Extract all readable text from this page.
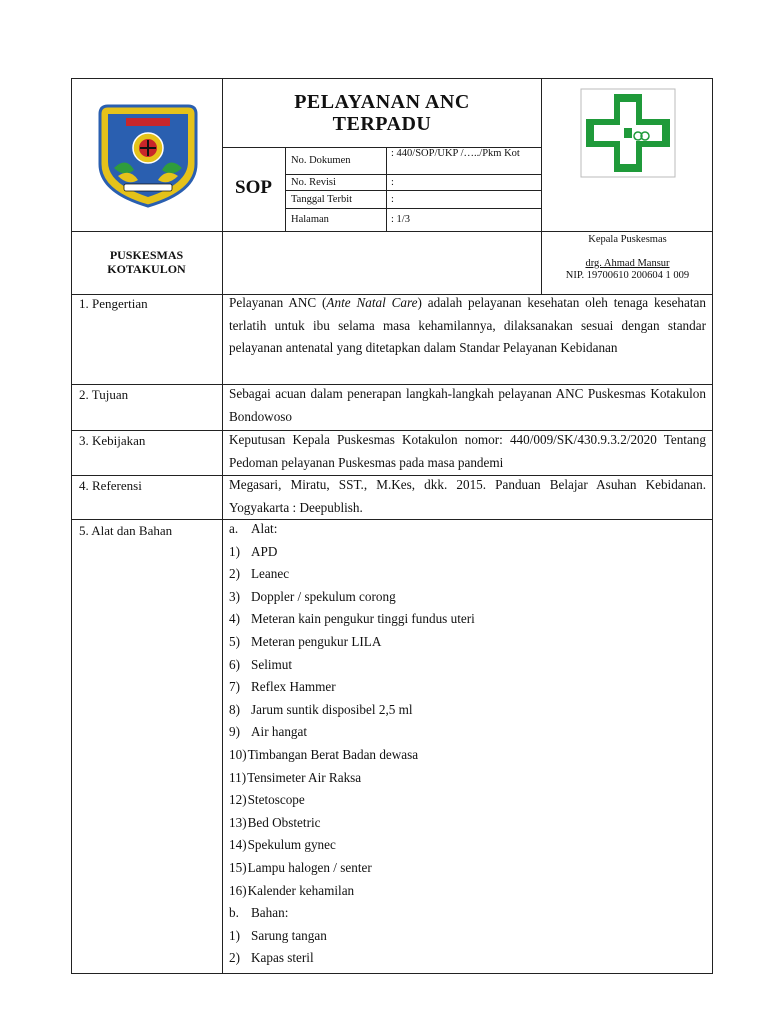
PELAYANAN ANC
TERPADU
SOP
No. Dokumen
: 440/SOP/UKP /…../Pkm Kot
No. Revisi	:
Tanggal Terbit	:
Halaman	: 1/3
PUSKESMAS
KOTAKULON
Kepala Puskesmas
drg. Ahmad Mansur
NIP. 19700610 200604 1 009
1. Pengertian	Pelayanan ANC (Ante Natal Care) adalah pelayanan kesehatan oleh tenaga kesehatan terlatih untuk ibu selama masa kehamilannya, dilaksanakan sesuai dengan standar pelayanan antenatal yang ditetapkan dalam Standar Pelayanan Kebidanan
2. Tujuan	Sebagai acuan dalam penerapan langkah-langkah pelayanan ANC Puskesmas Kotakulon Bondowoso
3. Kebijakan	Keputusan Kepala Puskesmas Kotakulon nomor: 440/009/SK/430.9.3.2/2020 Tentang Pedoman pelayanan Puskesmas pada masa pandemi
4. Referensi	Megasari, Miratu, SST., M.Kes, dkk. 2015. Panduan Belajar Asuhan Kebidanan. Yogyakarta : Deepublish.
5. Alat dan Bahan	a. Alat:
1) APD
2) Leanec
3) Doppler / spekulum corong
4) Meteran kain pengukur tinggi fundus uteri
5) Meteran pengukur LILA
6) Selimut
7) Reflex Hammer
8) Jarum suntik disposibel 2,5 ml
9) Air hangat
10)Timbangan Berat Badan dewasa
11)Tensimeter Air Raksa
12)Stetoscope
13)Bed Obstetric
14)Spekulum gynec
15)Lampu halogen / senter
16)Kalender kehamilan
b. Bahan:
1) Sarung tangan
2) Kapas steril
